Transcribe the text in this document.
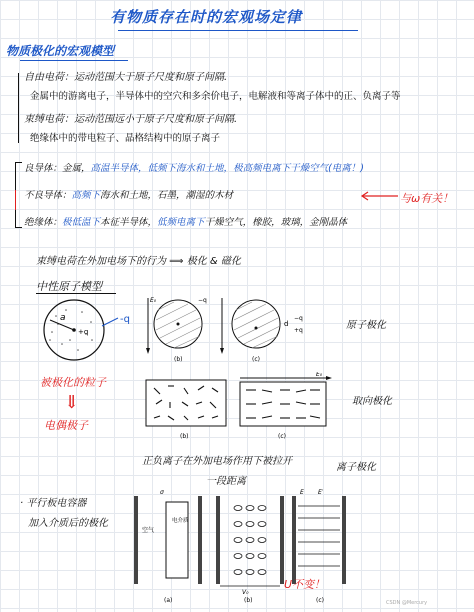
有物质存在时的宏观场定律
物质极化的宏观模型
自由电荷：运动范围大于原子尺度和原子间隔.
金属中的游离电子，半导体中的空穴和多余价电子，电解液和等离子体中的正、负离子等
束缚电荷：运动范围远小于原子尺度和原子间隔.
绝缘体中的带电粒子、晶格结构中的原子离子
良导体：金属，高温半导体，低频下海水和土地，极高频电离下干燥空气(电离！)
不良导体：高频下海水和土地，石墨，潮湿的木材
绝缘体：极低温下本征半导体，低频电离下干燥空气，橡胶，玻璃，金刚晶体
与ω有关！
束缚电荷在外加电场下的行为 ⟹ 极化 & 磁化
中性原子模型
a
+q
-q
被极化的粒子
⇓
电偶极子
E₀	−q
(b)	(c)
d
−q
+q	原子极化
(b)
E₀
(c)
取向极化
正负离子在外加电场作用下被拉开
一段距离
离子极化
· 平行板电容器
加入介质后的极化
σ
空气
电介质
(a)
V₀
(b)
E E′
(c)
U不变！
CSDN @Mercury
